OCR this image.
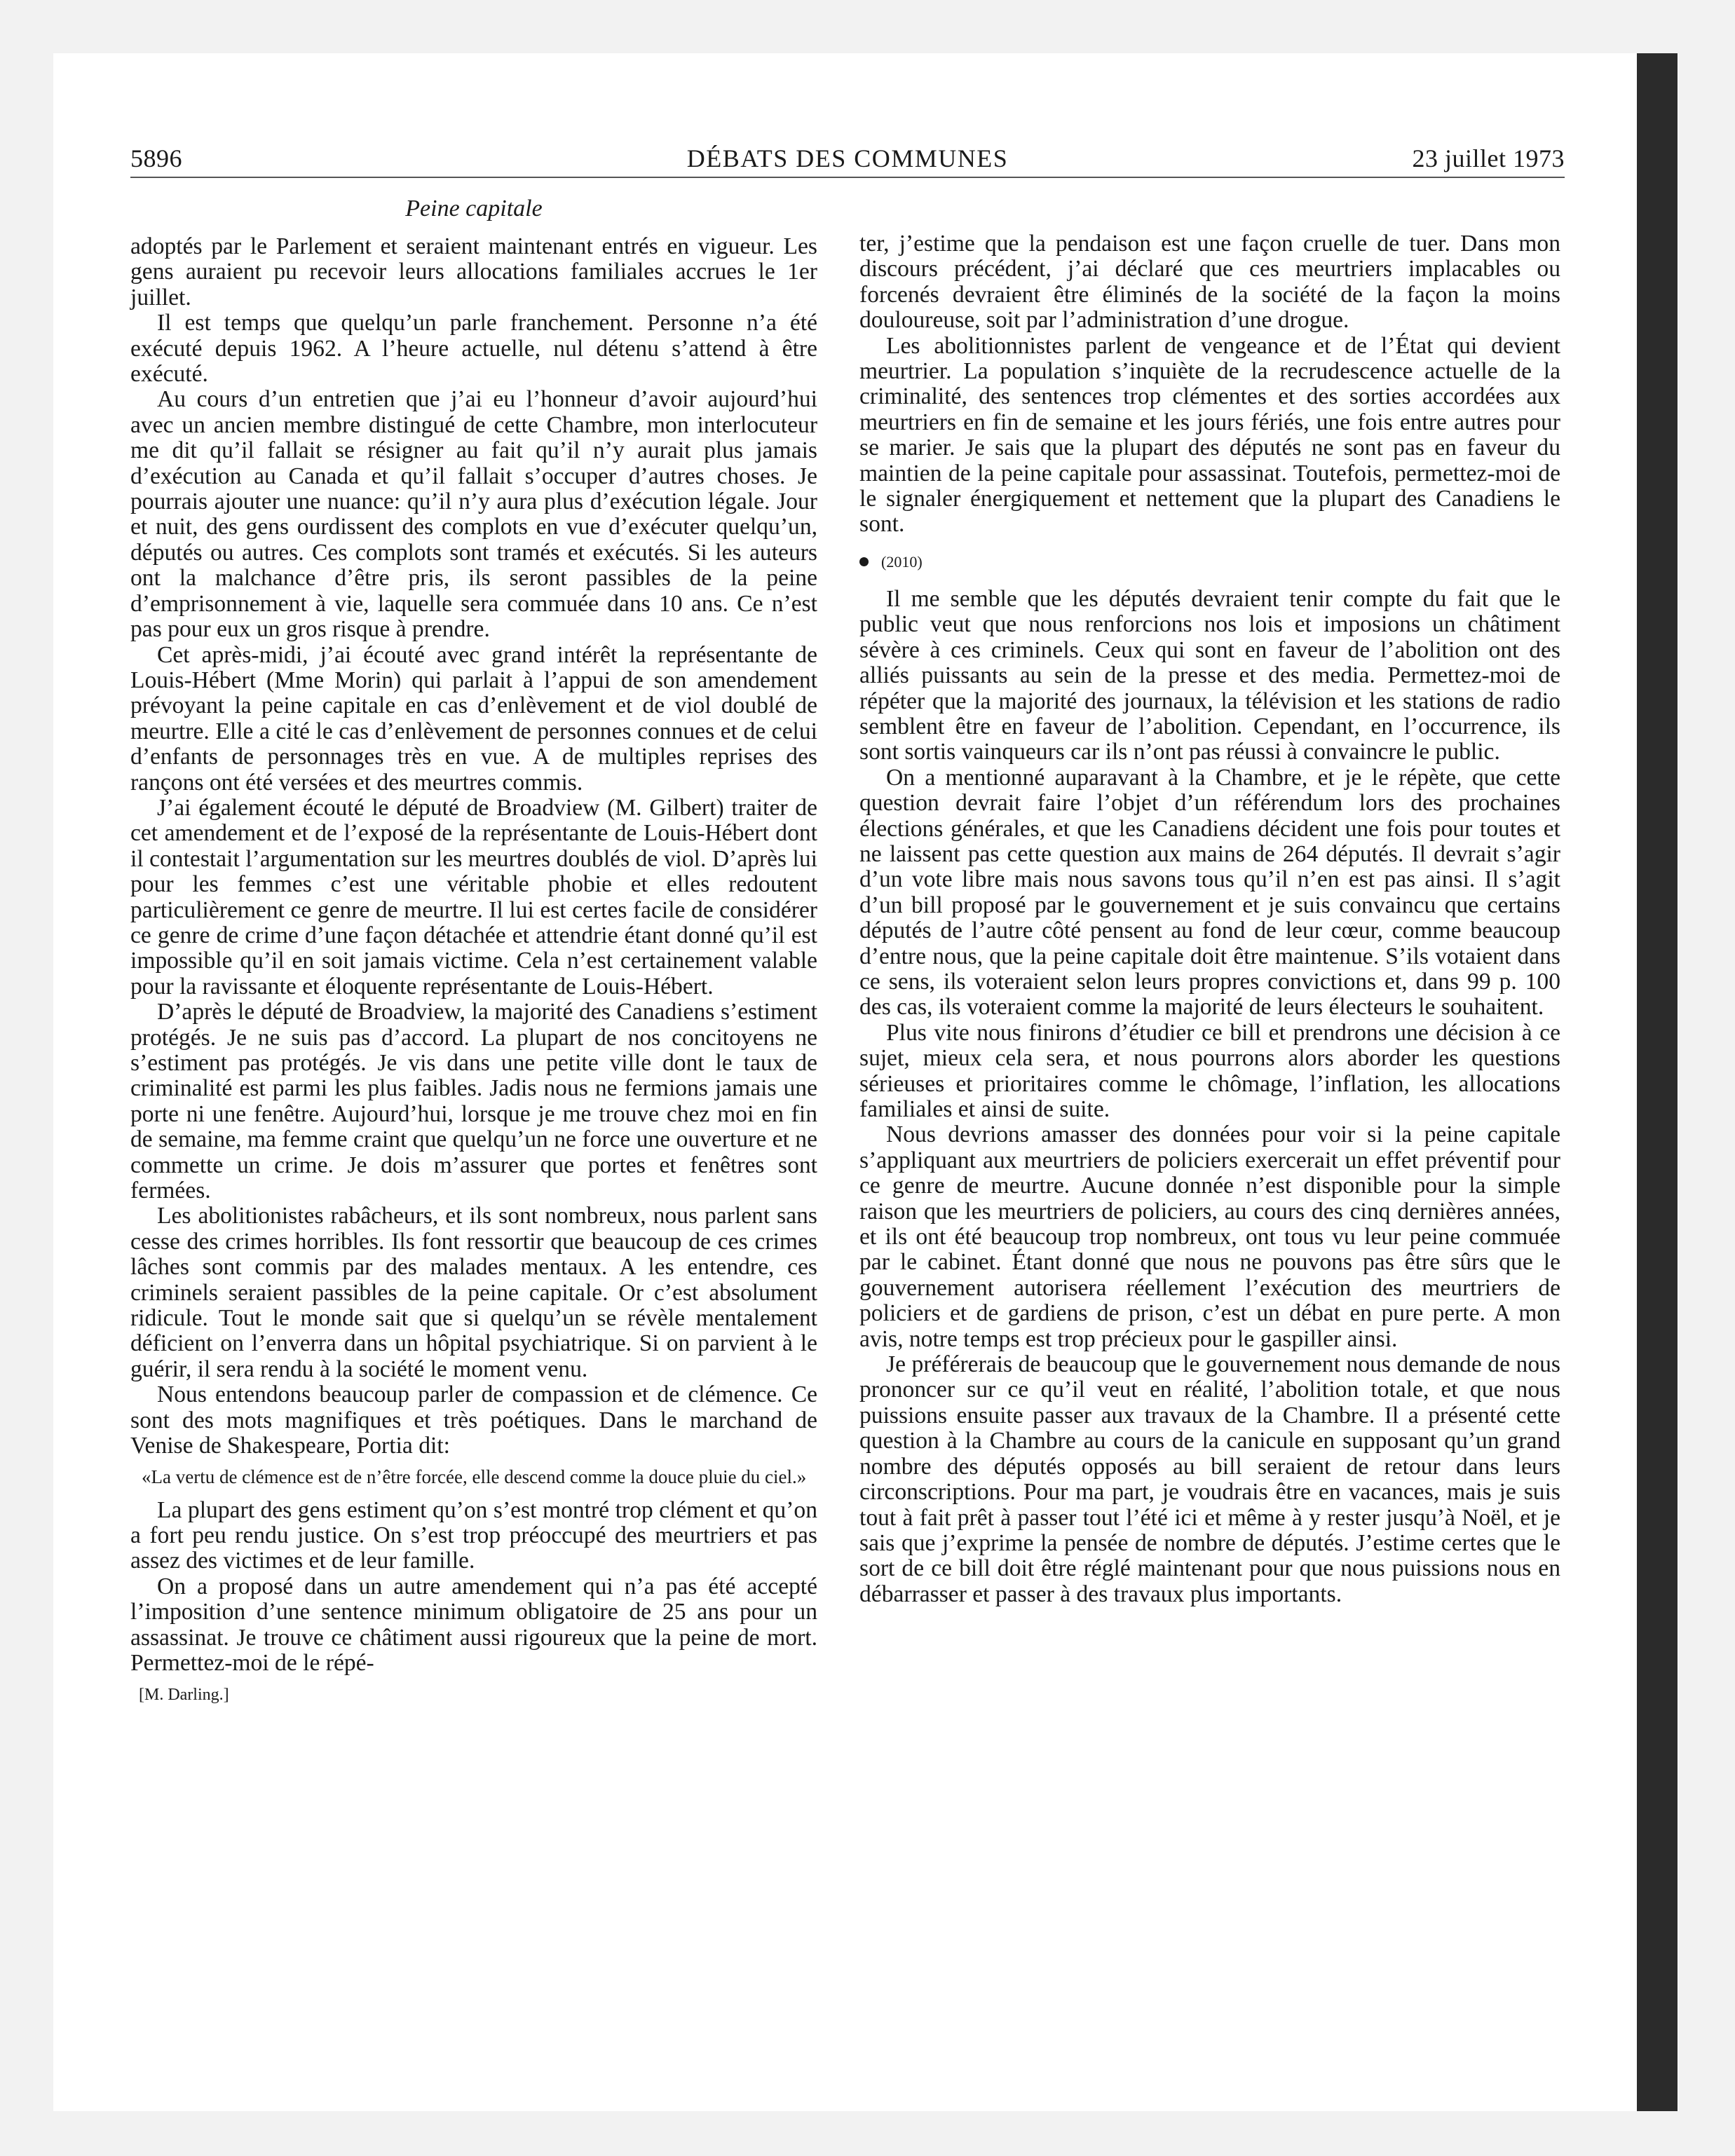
5896	DÉBATS DES COMMUNES	23 juillet 1973
Peine capitale

adoptés par le Parlement et seraient maintenant entrés en vigueur. Les gens auraient pu recevoir leurs allocations familiales accrues le 1er juillet.

Il est temps que quelqu’un parle franchement. Personne n’a été exécuté depuis 1962. A l’heure actuelle, nul détenu s’attend à être exécuté.

Au cours d’un entretien que j’ai eu l’honneur d’avoir aujourd’hui avec un ancien membre distingué de cette Chambre, mon interlocuteur me dit qu’il fallait se résigner au fait qu’il n’y aurait plus jamais d’exécution au Canada et qu’il fallait s’occuper d’autres choses. Je pourrais ajouter une nuance: qu’il n’y aura plus d’exécution légale. Jour et nuit, des gens ourdissent des complots en vue d’exécuter quelqu’un, députés ou autres. Ces complots sont tramés et exécutés. Si les auteurs ont la malchance d’être pris, ils seront passibles de la peine d’emprisonnement à vie, laquelle sera commuée dans 10 ans. Ce n’est pas pour eux un gros risque à prendre.

Cet après-midi, j’ai écouté avec grand intérêt la représentante de Louis-Hébert (Mme Morin) qui parlait à l’appui de son amendement prévoyant la peine capitale en cas d’enlèvement et de viol doublé de meurtre. Elle a cité le cas d’enlèvement de personnes connues et de celui d’enfants de personnages très en vue. A de multiples reprises des rançons ont été versées et des meurtres commis.

J’ai également écouté le député de Broadview (M. Gilbert) traiter de cet amendement et de l’exposé de la représentante de Louis-Hébert dont il contestait l’argumentation sur les meurtres doublés de viol. D’après lui pour les femmes c’est une véritable phobie et elles redoutent particulièrement ce genre de meurtre. Il lui est certes facile de considérer ce genre de crime d’une façon détachée et attendrie étant donné qu’il est impossible qu’il en soit jamais victime. Cela n’est certainement valable pour la ravissante et éloquente représentante de Louis-Hébert.

D’après le député de Broadview, la majorité des Canadiens s’estiment protégés. Je ne suis pas d’accord. La plupart de nos concitoyens ne s’estiment pas protégés. Je vis dans une petite ville dont le taux de criminalité est parmi les plus faibles. Jadis nous ne fermions jamais une porte ni une fenêtre. Aujourd’hui, lorsque je me trouve chez moi en fin de semaine, ma femme craint que quelqu’un ne force une ouverture et ne commette un crime. Je dois m’assurer que portes et fenêtres sont fermées.

Les abolitionistes rabâcheurs, et ils sont nombreux, nous parlent sans cesse des crimes horribles. Ils font ressortir que beaucoup de ces crimes lâches sont commis par des malades mentaux. A les entendre, ces criminels seraient passibles de la peine capitale. Or c’est absolument ridicule. Tout le monde sait que si quelqu’un se révèle mentalement déficient on l’enverra dans un hôpital psychiatrique. Si on parvient à le guérir, il sera rendu à la société le moment venu.

Nous entendons beaucoup parler de compassion et de clémence. Ce sont des mots magnifiques et très poétiques. Dans le marchand de Venise de Shakespeare, Portia dit:

«La vertu de clémence est de n’être forcée, elle descend comme la douce pluie du ciel.»

La plupart des gens estiment qu’on s’est montré trop clément et qu’on a fort peu rendu justice. On s’est trop préoccupé des meurtriers et pas assez des victimes et de leur famille.

On a proposé dans un autre amendement qui n’a pas été accepté l’imposition d’une sentence minimum obligatoire de 25 ans pour un assassinat. Je trouve ce châtiment aussi rigoureux que la peine de mort. Permettez-moi de le répé-

[M. Darling.]

ter, j’estime que la pendaison est une façon cruelle de tuer. Dans mon discours précédent, j’ai déclaré que ces meurtriers implacables ou forcenés devraient être éliminés de la société de la façon la moins douloureuse, soit par l’administration d’une drogue.

Les abolitionnistes parlent de vengeance et de l’État qui devient meurtrier. La population s’inquiète de la recrudescence actuelle de la criminalité, des sentences trop clémentes et des sorties accordées aux meurtriers en fin de semaine et les jours fériés, une fois entre autres pour se marier. Je sais que la plupart des députés ne sont pas en faveur du maintien de la peine capitale pour assassinat. Toutefois, permettez-moi de le signaler énergiquement et nettement que la plupart des Canadiens le sont.

(2010)

Il me semble que les députés devraient tenir compte du fait que le public veut que nous renforcions nos lois et imposions un châtiment sévère à ces criminels. Ceux qui sont en faveur de l’abolition ont des alliés puissants au sein de la presse et des media. Permettez-moi de répéter que la majorité des journaux, la télévision et les stations de radio semblent être en faveur de l’abolition. Cependant, en l’occurrence, ils sont sortis vainqueurs car ils n’ont pas réussi à convaincre le public.

On a mentionné auparavant à la Chambre, et je le répète, que cette question devrait faire l’objet d’un référendum lors des prochaines élections générales, et que les Canadiens décident une fois pour toutes et ne laissent pas cette question aux mains de 264 députés. Il devrait s’agir d’un vote libre mais nous savons tous qu’il n’en est pas ainsi. Il s’agit d’un bill proposé par le gouvernement et je suis convaincu que certains députés de l’autre côté pensent au fond de leur cœur, comme beaucoup d’entre nous, que la peine capitale doit être maintenue. S’ils votaient dans ce sens, ils voteraient selon leurs propres convictions et, dans 99 p. 100 des cas, ils voteraient comme la majorité de leurs électeurs le souhaitent.

Plus vite nous finirons d’étudier ce bill et prendrons une décision à ce sujet, mieux cela sera, et nous pourrons alors aborder les questions sérieuses et prioritaires comme le chômage, l’inflation, les allocations familiales et ainsi de suite.

Nous devrions amasser des données pour voir si la peine capitale s’appliquant aux meurtriers de policiers exercerait un effet préventif pour ce genre de meurtre. Aucune donnée n’est disponible pour la simple raison que les meurtriers de policiers, au cours des cinq dernières années, et ils ont été beaucoup trop nombreux, ont tous vu leur peine commuée par le cabinet. Étant donné que nous ne pouvons pas être sûrs que le gouvernement autorisera réellement l’exécution des meurtriers de policiers et de gardiens de prison, c’est un débat en pure perte. A mon avis, notre temps est trop précieux pour le gaspiller ainsi.

Je préférerais de beaucoup que le gouvernement nous demande de nous prononcer sur ce qu’il veut en réalité, l’abolition totale, et que nous puissions ensuite passer aux travaux de la Chambre. Il a présenté cette question à la Chambre au cours de la canicule en supposant qu’un grand nombre des députés opposés au bill seraient de retour dans leurs circonscriptions. Pour ma part, je voudrais être en vacances, mais je suis tout à fait prêt à passer tout l’été ici et même à y rester jusqu’à Noël, et je sais que j’exprime la pensée de nombre de députés. J’estime certes que le sort de ce bill doit être réglé maintenant pour que nous puissions nous en débarrasser et passer à des travaux plus importants.
